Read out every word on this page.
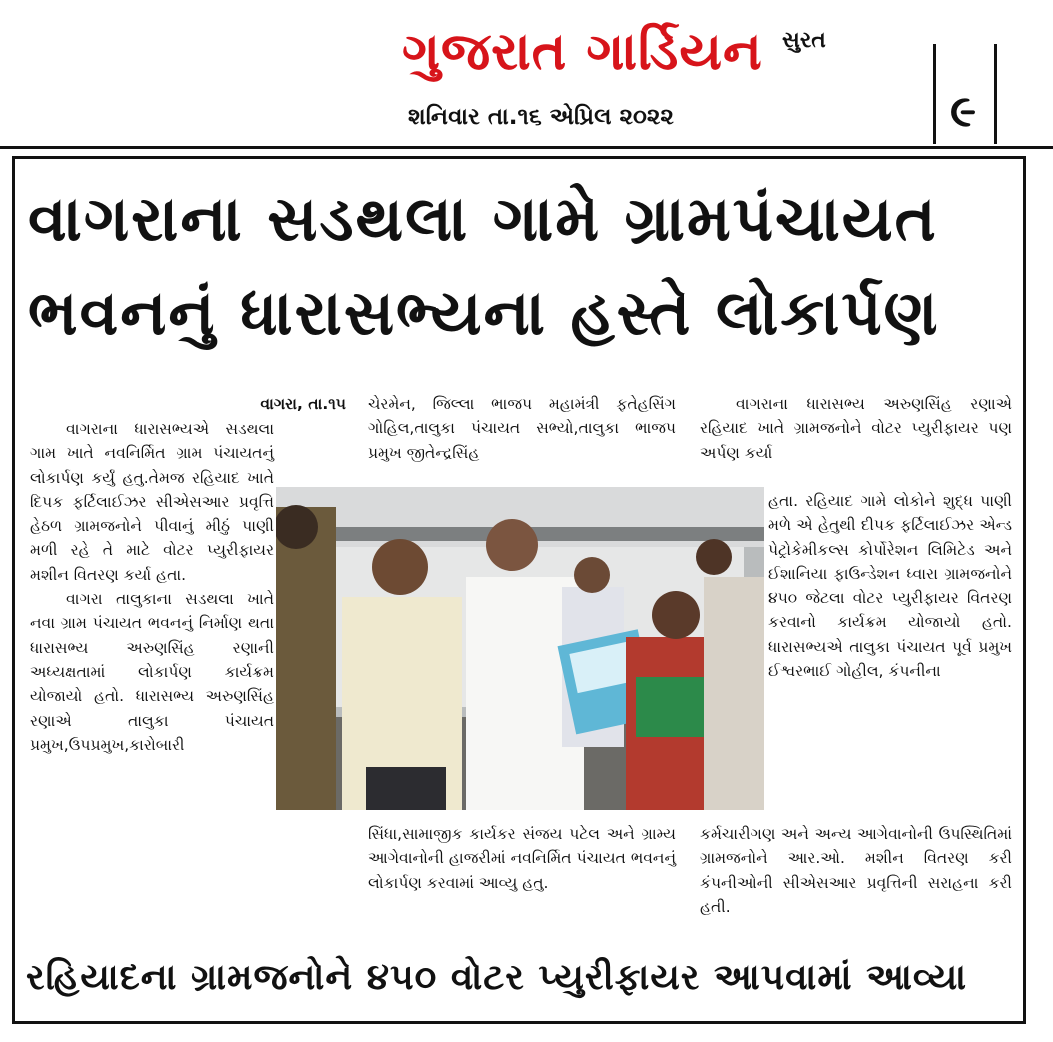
ગુજરાત ગાર્ડિયન સુરત
શનિવાર તા.૧૬ એપ્રિલ ૨૦૨૨	૯
વાગરાના સડથલા ગામે ગ્રામપંચાયત
ભવનનું ધારાસભ્યના હસ્તે લોકાર્પણ

વાગરા, તા.૧૫

વાગરાના ધારાસભ્યએ સડથલા ગામ ખાતે નવનિર્મિત ગ્રામ પંચાયતનું લોકાર્પણ કર્યું હતુ.તેમજ રહિયાદ ખાતે દિપક ફર્ટિલાઈઝર સીએસઆર પ્રવૃત્તિ હેઠળ ગ્રામજનોને પીવાનું મીઠું પાણી મળી રહે તે માટે વોટર પ્યુરીફાયર મશીન વિતરણ કર્યા હતા.

વાગરા તાલુકાના સડથલા ખાતે નવા ગ્રામ પંચાયત ભવનનું નિર્માણ થતા ધારાસભ્ય અરુણસિંહ રણાની અધ્યક્ષતામાં લોકાર્પણ કાર્યક્રમ યોજાયો હતો. ધારાસભ્ય અરુણસિંહ રણાએ તાલુકા પંચાયત પ્રમુખ,ઉપપ્રમુખ,કારોબારી

ચેરમેન, જિલ્લા ભાજપ મહામંત્રી ફતેહસિંગ ગોહિલ,તાલુકા પંચાયત સભ્યો,તાલુકા ભાજપ પ્રમુખ જીતેન્દ્રસિંહ

સિંધા,સામાજીક કાર્યકર સંજય પટેલ અને ગ્રામ્ય આગેવાનોની હાજરીમાં નવનિર્મિત પંચાયત ભવનનું લોકાર્પણ કરવામાં આવ્યુ હતુ.

વાગરાના ધારાસભ્ય અરુણસિંહ રણાએ રહિયાદ ખાતે ગ્રામજનોને વોટર પ્યુરીફાયર પણ અર્પણ કર્યા

હતા. રહિયાદ ગામે લોકોને શુદ્ધ પાણી મળે એ હેતુથી દીપક ફર્ટિલાઈઝર એન્ડ પેટ્રોકેમીકલ્સ કોર્પોરેશન લિમિટેડ અને ઈશાનિયા ફાઉન્ડેશન ધ્વારા ગ્રામજનોને ૪૫૦ જેટલા વોટર પ્યુરીફાયર વિતરણ કરવાનો કાર્યક્રમ યોજાયો હતો. ધારાસભ્યએ તાલુકા પંચાયત પૂર્વ પ્રમુખ ઈશ્વરભાઈ ગોહીલ, કંપનીના

કર્મચારીગણ અને અન્ય આગેવાનોની ઉપસ્થિતિમાં ગ્રામજનોને આર.ઓ. મશીન વિતરણ કરી કંપનીઓની સીએસઆર પ્રવૃત્તિની સરાહના કરી હતી.

રહિયાદના ગ્રામજનોને ૪૫૦ વોટર પ્યુરીફાયર આપવામાં આવ્યા
